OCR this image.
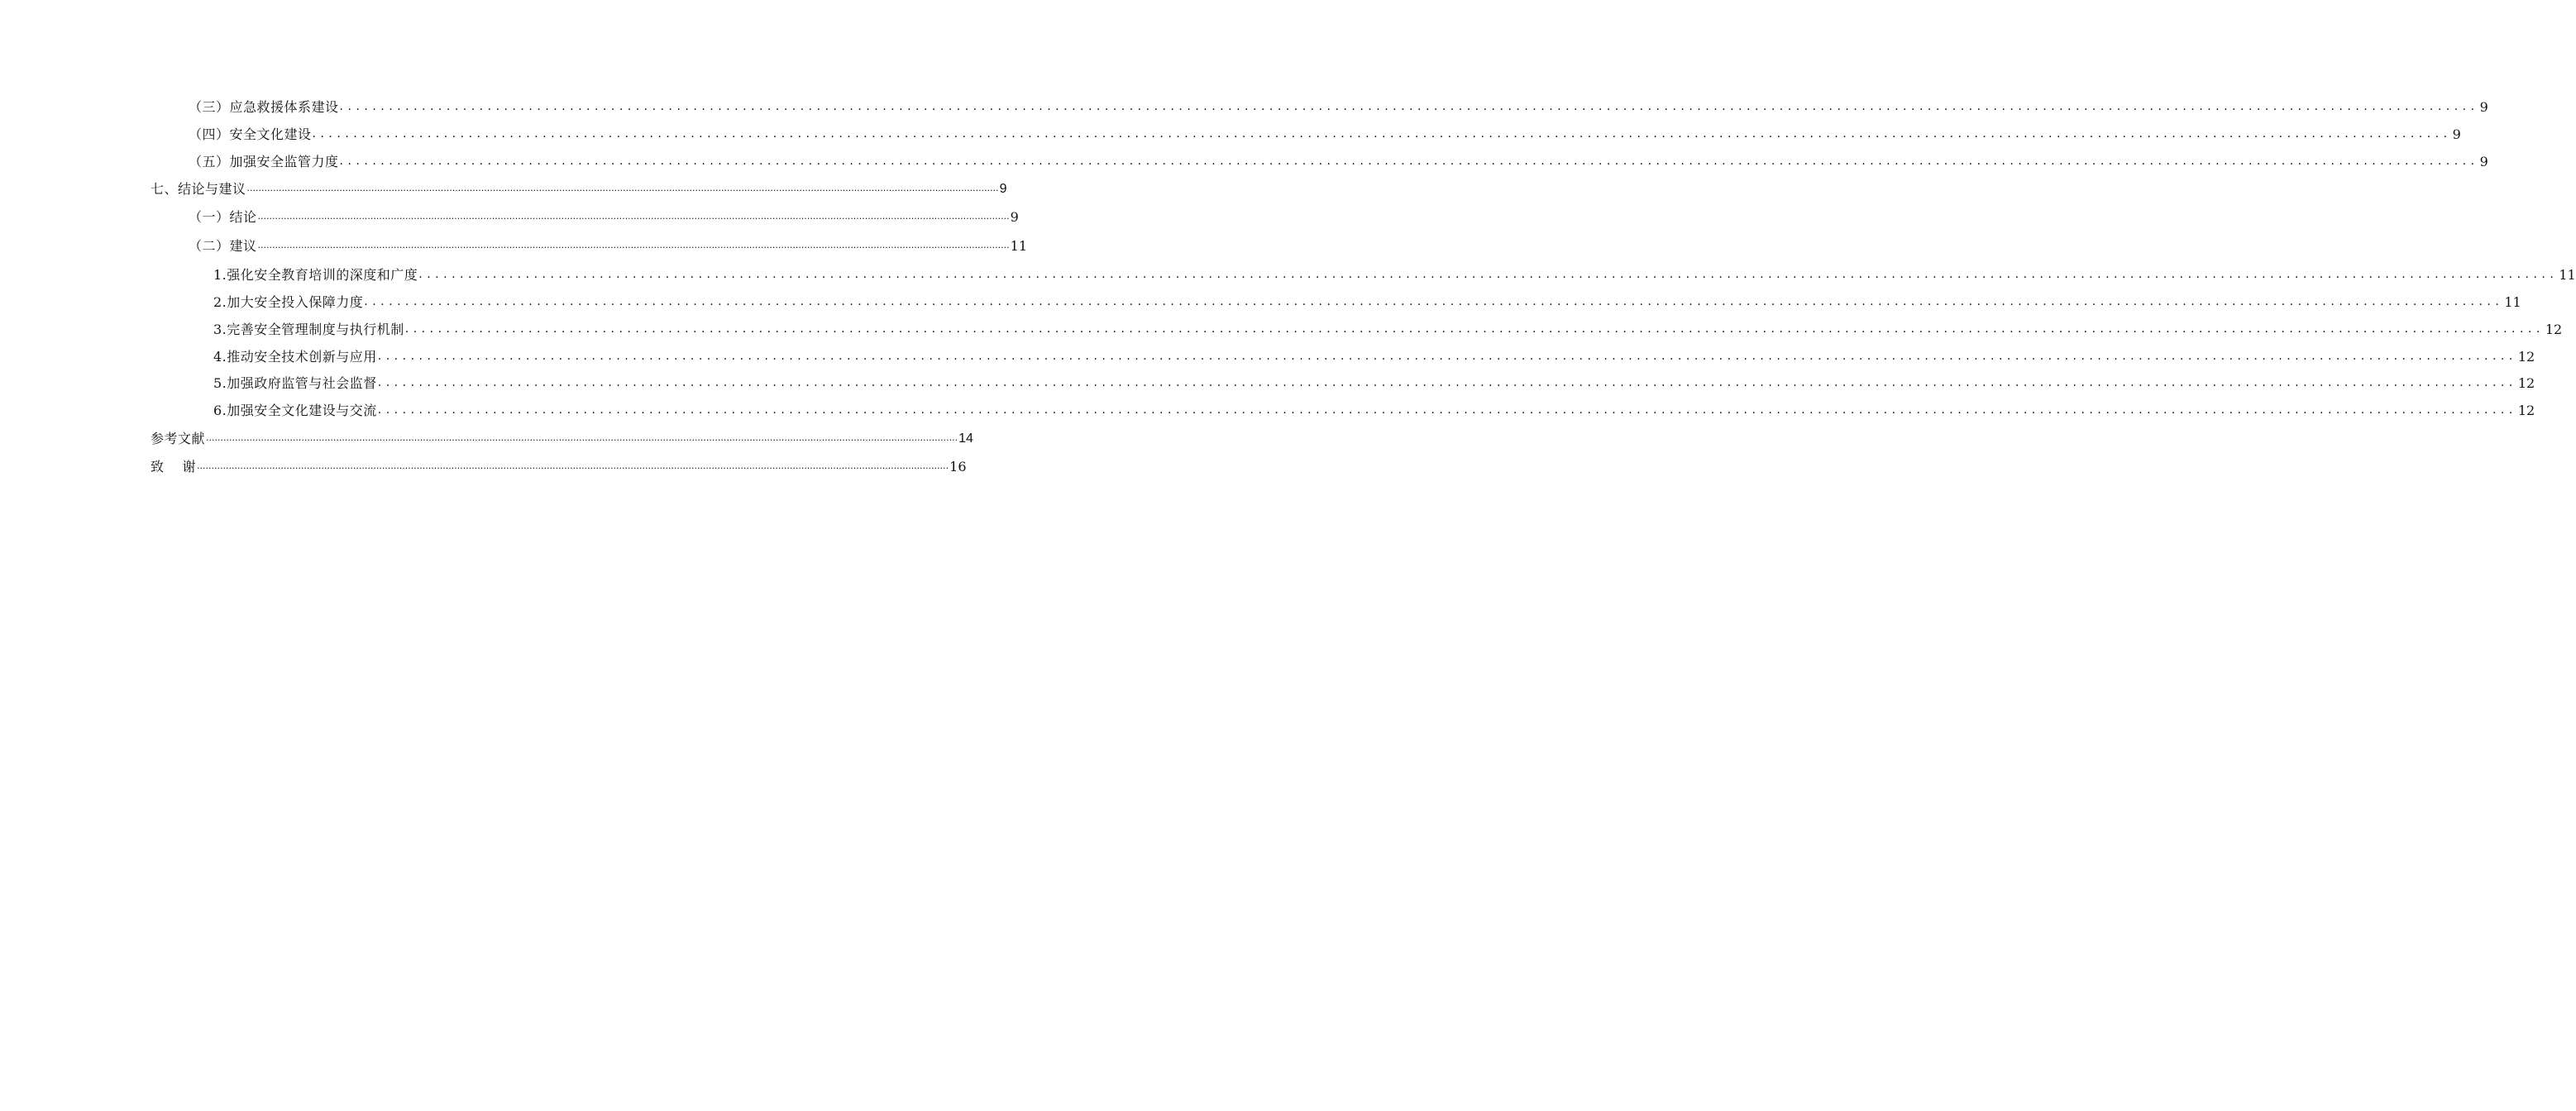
（三）应急救援体系建设 .................................................................................................................................................................................................................................................................... 9
（四）安全文化建设 .................................................................................................................................................................................................................................................................... 9
（五）加强安全监管力度 .................................................................................................................................................................................................................................................................... 9
七、结论与建议 .................................................................................................................................................................................................................................................................... 9
（一）结论 .................................................................................................................................................................................................................................................................... 9
（二）建议 .................................................................................................................................................................................................................................................................... 11
1.强化安全教育培训的深度和广度 .................................................................................................................................................................................................................................................................... 11
2.加大安全投入保障力度 .................................................................................................................................................................................................................................................................... 11
3.完善安全管理制度与执行机制 .................................................................................................................................................................................................................................................................... 12
4.推动安全技术创新与应用 .................................................................................................................................................................................................................................................................... 12
5.加强政府监管与社会监督 .................................................................................................................................................................................................................................................................... 12
6.加强安全文化建设与交流 .................................................................................................................................................................................................................................................................... 12
参考文献 .................................................................................................................................................................................................................................................................... 14
致 谢 .................................................................................................................................................................................................................................................................... 16
